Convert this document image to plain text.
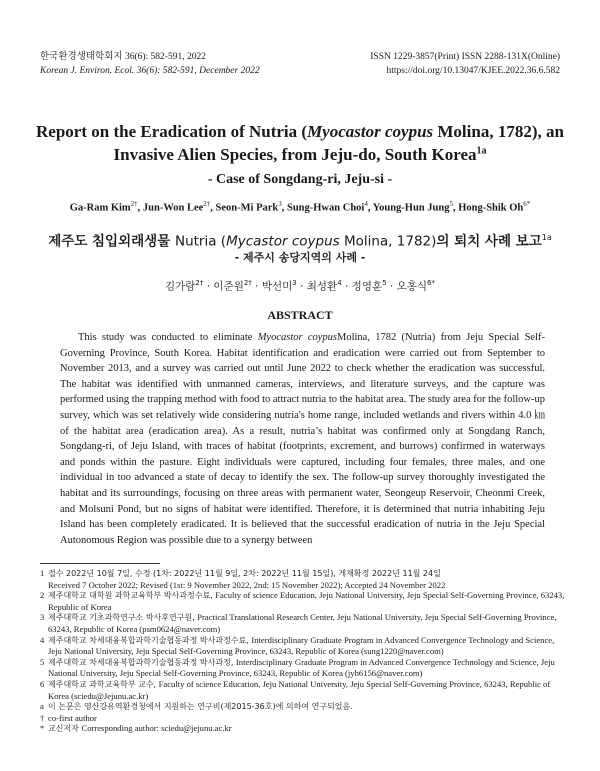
한국환경생태학회지 36(6): 582-591, 2022
Korean J. Environ. Ecol. 36(6): 582-591, December 2022
ISSN 1229-3857(Print) ISSN 2288-131X(Online)
https://doi.org/10.13047/KJEE.2022.36.6.582
Report on the Eradication of Nutria (Myocastor coypus Molina, 1782), an
Invasive Alien Species, from Jeju-do, South Korea$^{1a}$
- Case of Songdang-ri, Jeju-si -
Ga-Ram Kim$^{2\dagger}$, Jun-Won Lee$^{2\dagger}$, Seon-Mi Park$^3$, Sung-Hwan Choi$^4$, Young-Hun Jung$^5$, Hong-Shik $Oh^{6*}$
제주도 침입외래생물 Nutria (Mycastor coypus Molina, 1782)의 퇴치 사례 보고$^{1a}$
- 제주시 송당지역의 사례 -
김가람$^{2\dagger}$ · 이준원$^{2\dagger}$ · 박선미$^3$ · 최성환$^4$ · 정영훈$^5$ · 오홍식$^{6*}$
ABSTRACT
This study was conducted to eliminate Myocastor coypusMolina, 1782 (Nutria) from Jeju Special Self-Governing Province, South Korea. Habitat identification and eradication were carried out from September to November 2013, and a survey was carried out until June 2022 to check whether the eradication was successful. The habitat was identified with unmanned cameras, interviews, and literature surveys, and the capture was performed using the trapping method with food to attract nutria to the habitat area. The study area for the follow-up survey, which was set relatively wide considering nutria's home range, included wetlands and rivers within 4.0 ㎞of the habitat area (eradication area). As a result, nutria’s habitat was confirmed only at Songdang Ranch, Songdang-ri, of Jeju Island, with traces of habitat (footprints, excrement, and burrows) confirmed in waterways and ponds within the pasture. Eight individuals were captured, including four females, three males, and one individual in too advanced a state of decay to identify the sex. The follow-up survey thoroughly investigated the habitat and its surroundings, focusing on three areas with permanent water, Seongeup Reservoir, Cheonmi Creek, and Molsuni Pond, but no signs of habitat were identified. Therefore, it is determined that nutria inhabiting Jeju Island has been completely eradicated. It is believed that the successful eradication of nutria in the Jeju Special Autonomous Region was possible due to a synergy between
1 접수 2022년 10월 7일, 수정 (1차: 2022년 11월 9일, 2차: 2022년 11월 15일), 게재확정 2022년 11월 24일
Received 7 October 2022; Revised (1st: 9 November 2022, 2nd: 15 November 2022); Accepted 24 November 2022
2 제주대학교 대학원 과학교육학부 박사과정수료, Faculty of science Education, Jeju National University, Jeju Special Self-Governing Province, 63243, Republic of Korea
3 제주대학교 기초과학연구소 박사후연구원, Practical Translational Research Center, Jeju National University, Jeju Special Self-Governing Province, 63243, Republic of Korea (psm0624@naver.com)
4 제주대학교 차세대융복합과학기술협동과정 박사과정수료, Interdisciplinary Graduate Program in Advanced Convergence Technology and Science, Jeju National University, Jeju Special Self-Governing Province, 63243, Republic of Korea (sung1220@naver.com)
5 제주대학교 차세대융복합과학기술협동과정 박사과정, Interdisciplinary Graduate Program in Advanced Convergence Technology and Science, Jeju National University, Jeju Special Self-Governing Province, 63243, Republic of Korea (jyh6156@naver.com)
6 제주대학교 과학교육학부 교수, Faculty of science Education, Jeju National University, Jeju Special Self-Governing Province, 63243, Republic of Korea (sciedu@Jejunu.ac.kr)
a 이 논문은 영산강유역환경청에서 지원하는 연구비(제2015-36호)에 의하여 연구되었음.
† co-first author
* 교신저자 Corresponding author: sciedu@jejunu.ac.kr
